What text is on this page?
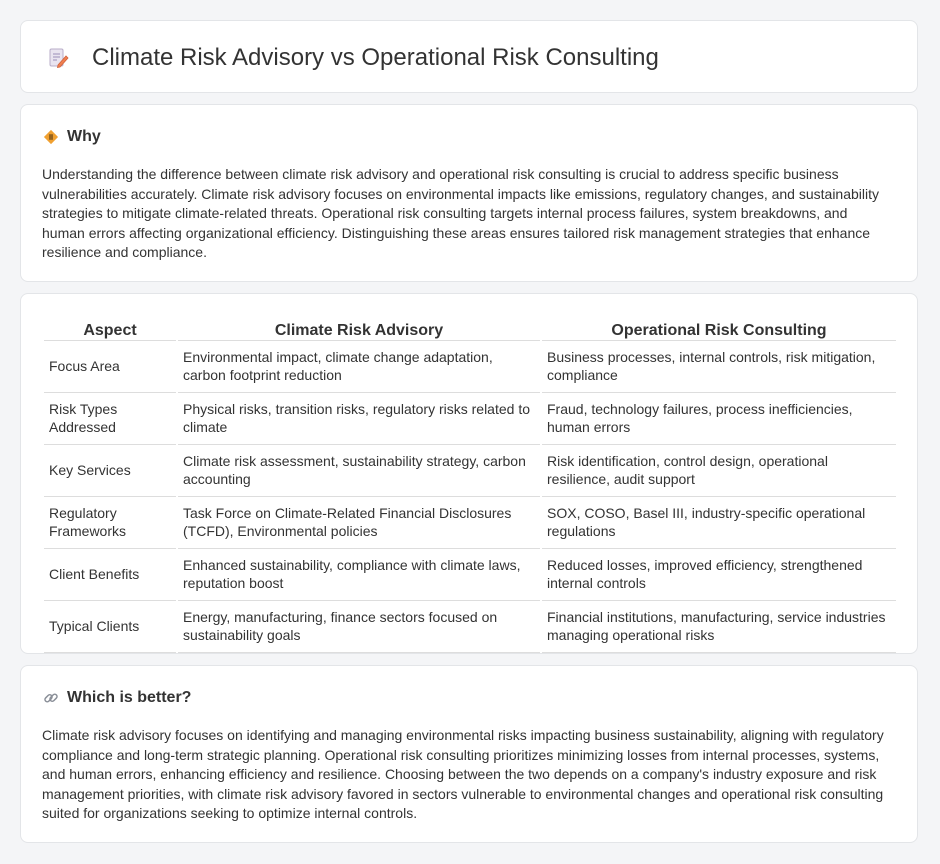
Climate Risk Advisory vs Operational Risk Consulting
Why

Understanding the difference between climate risk advisory and operational risk consulting is crucial to address specific business vulnerabilities accurately. Climate risk advisory focuses on environmental impacts like emissions, regulatory changes, and sustainability strategies to mitigate climate-related threats. Operational risk consulting targets internal process failures, system breakdowns, and human errors affecting organizational efficiency. Distinguishing these areas ensures tailored risk management strategies that enhance resilience and compliance.

Aspect	Climate Risk Advisory	Operational Risk Consulting
Focus Area	Environmental impact, climate change adaptation, carbon footprint reduction	Business processes, internal controls, risk mitigation, compliance
Risk Types Addressed	Physical risks, transition risks, regulatory risks related to climate	Fraud, technology failures, process inefficiencies, human errors
Key Services	Climate risk assessment, sustainability strategy, carbon accounting	Risk identification, control design, operational resilience, audit support
Regulatory Frameworks	Task Force on Climate-Related Financial Disclosures (TCFD), Environmental policies	SOX, COSO, Basel III, industry-specific operational regulations
Client Benefits	Enhanced sustainability, compliance with climate laws, reputation boost	Reduced losses, improved efficiency, strengthened internal controls
Typical Clients	Energy, manufacturing, finance sectors focused on sustainability goals	Financial institutions, manufacturing, service industries managing operational risks
Which is better?

Climate risk advisory focuses on identifying and managing environmental risks impacting business sustainability, aligning with regulatory compliance and long-term strategic planning. Operational risk consulting prioritizes minimizing losses from internal processes, systems, and human errors, enhancing efficiency and resilience. Choosing between the two depends on a company's industry exposure and risk management priorities, with climate risk advisory favored in sectors vulnerable to environmental changes and operational risk consulting suited for organizations seeking to optimize internal controls.
